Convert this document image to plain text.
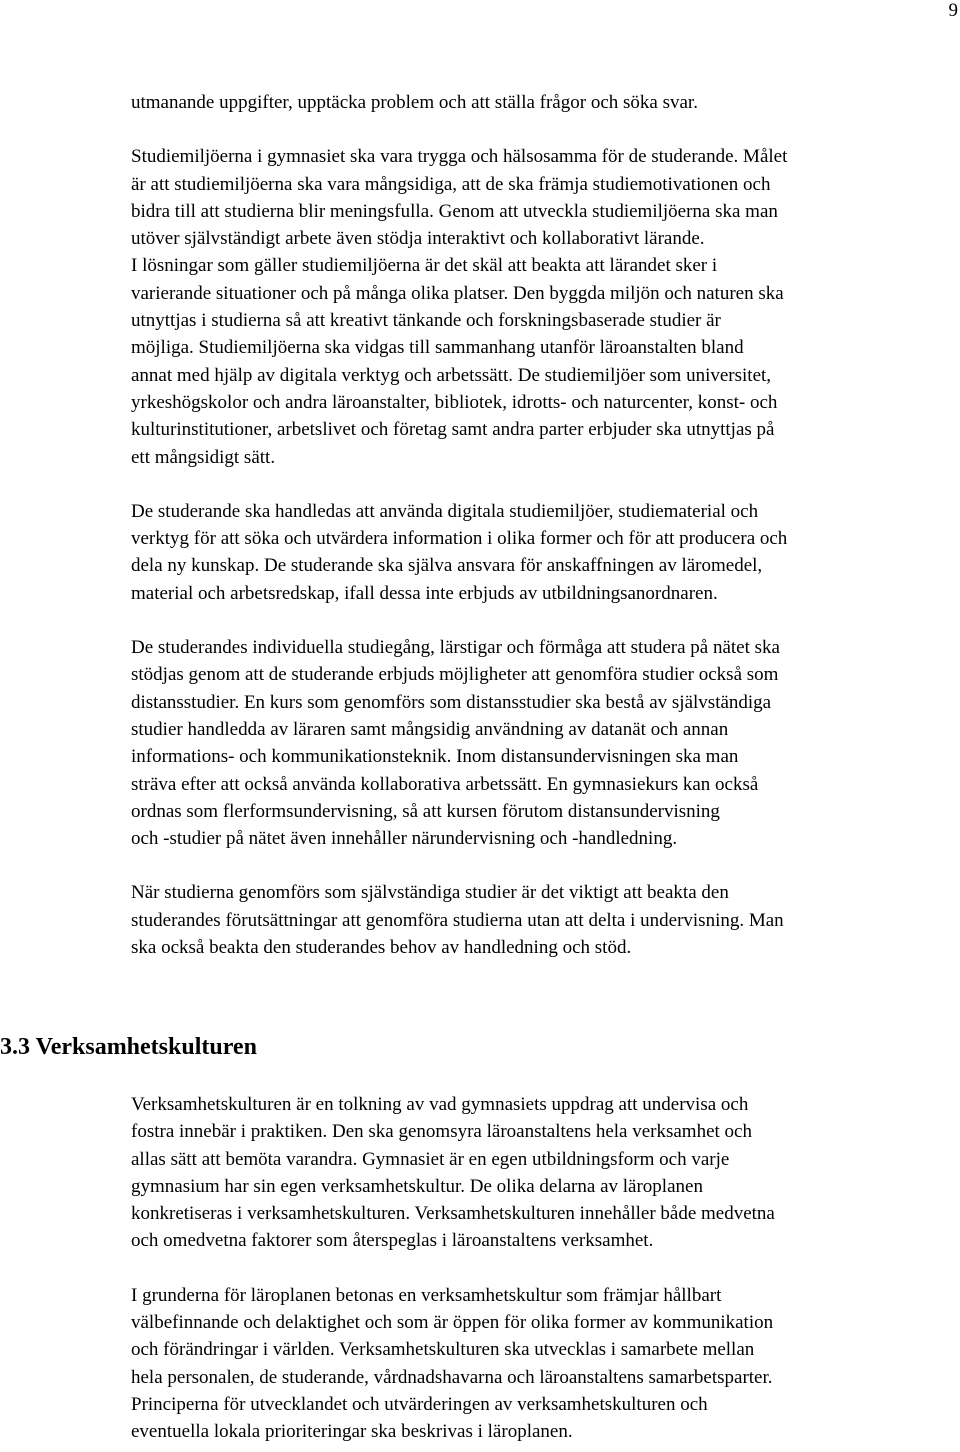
9

utmanande uppgifter, upptäcka problem och att ställa frågor och söka svar.

Studiemiljöerna i gymnasiet ska vara trygga och hälsosamma för de studerande. Målet
är att studiemiljöerna ska vara mångsidiga, att de ska främja studiemotivationen och
bidra till att studierna blir meningsfulla. Genom att utveckla studiemiljöerna ska man
utöver självständigt arbete även stödja interaktivt och kollaborativt lärande.
I lösningar som gäller studiemiljöerna är det skäl att beakta att lärandet sker i
varierande situationer och på många olika platser. Den byggda miljön och naturen ska
utnyttjas i studierna så att kreativt tänkande och forskningsbaserade studier är
möjliga. Studiemiljöerna ska vidgas till sammanhang utanför läroanstalten bland
annat med hjälp av digitala verktyg och arbetssätt. De studiemiljöer som universitet,
yrkeshögskolor och andra läroanstalter, bibliotek, idrotts- och naturcenter, konst- och
kulturinstitutioner, arbetslivet och företag samt andra parter erbjuder ska utnyttjas på
ett mångsidigt sätt.

De studerande ska handledas att använda digitala studiemiljöer, studiematerial och
verktyg för att söka och utvärdera information i olika former och för att producera och
dela ny kunskap. De studerande ska själva ansvara för anskaffningen av läromedel,
material och arbetsredskap, ifall dessa inte erbjuds av utbildningsanordnaren.

De studerandes individuella studiegång, lärstigar och förmåga att studera på nätet ska
stödjas genom att de studerande erbjuds möjligheter att genomföra studier också som
distansstudier. En kurs som genomförs som distansstudier ska bestå av självständiga
studier handledda av läraren samt mångsidig användning av datanät och annan
informations- och kommunikationsteknik. Inom distansundervisningen ska man
sträva efter att också använda kollaborativa arbetssätt. En gymnasiekurs kan också
ordnas som flerformsundervisning, så att kursen förutom distansundervisning
och -studier på nätet även innehåller närundervisning och -handledning.

När studierna genomförs som självständiga studier är det viktigt att beakta den
studerandes förutsättningar att genomföra studierna utan att delta i undervisning. Man
ska också beakta den studerandes behov av handledning och stöd.

3.3 Verksamhetskulturen

Verksamhetskulturen är en tolkning av vad gymnasiets uppdrag att undervisa och
fostra innebär i praktiken. Den ska genomsyra läroanstaltens hela verksamhet och
allas sätt att bemöta varandra. Gymnasiet är en egen utbildningsform och varje
gymnasium har sin egen verksamhetskultur. De olika delarna av läroplanen
konkretiseras i verksamhetskulturen. Verksamhetskulturen innehåller både medvetna
och omedvetna faktorer som återspeglas i läroanstaltens verksamhet.

I grunderna för läroplanen betonas en verksamhetskultur som främjar hållbart
välbefinnande och delaktighet och som är öppen för olika former av kommunikation
och förändringar i världen. Verksamhetskulturen ska utvecklas i samarbete mellan
hela personalen, de studerande, vårdnadshavarna och läroanstaltens samarbetsparter.
Principerna för utvecklandet och utvärderingen av verksamhetskulturen och
eventuella lokala prioriteringar ska beskrivas i läroplanen.
